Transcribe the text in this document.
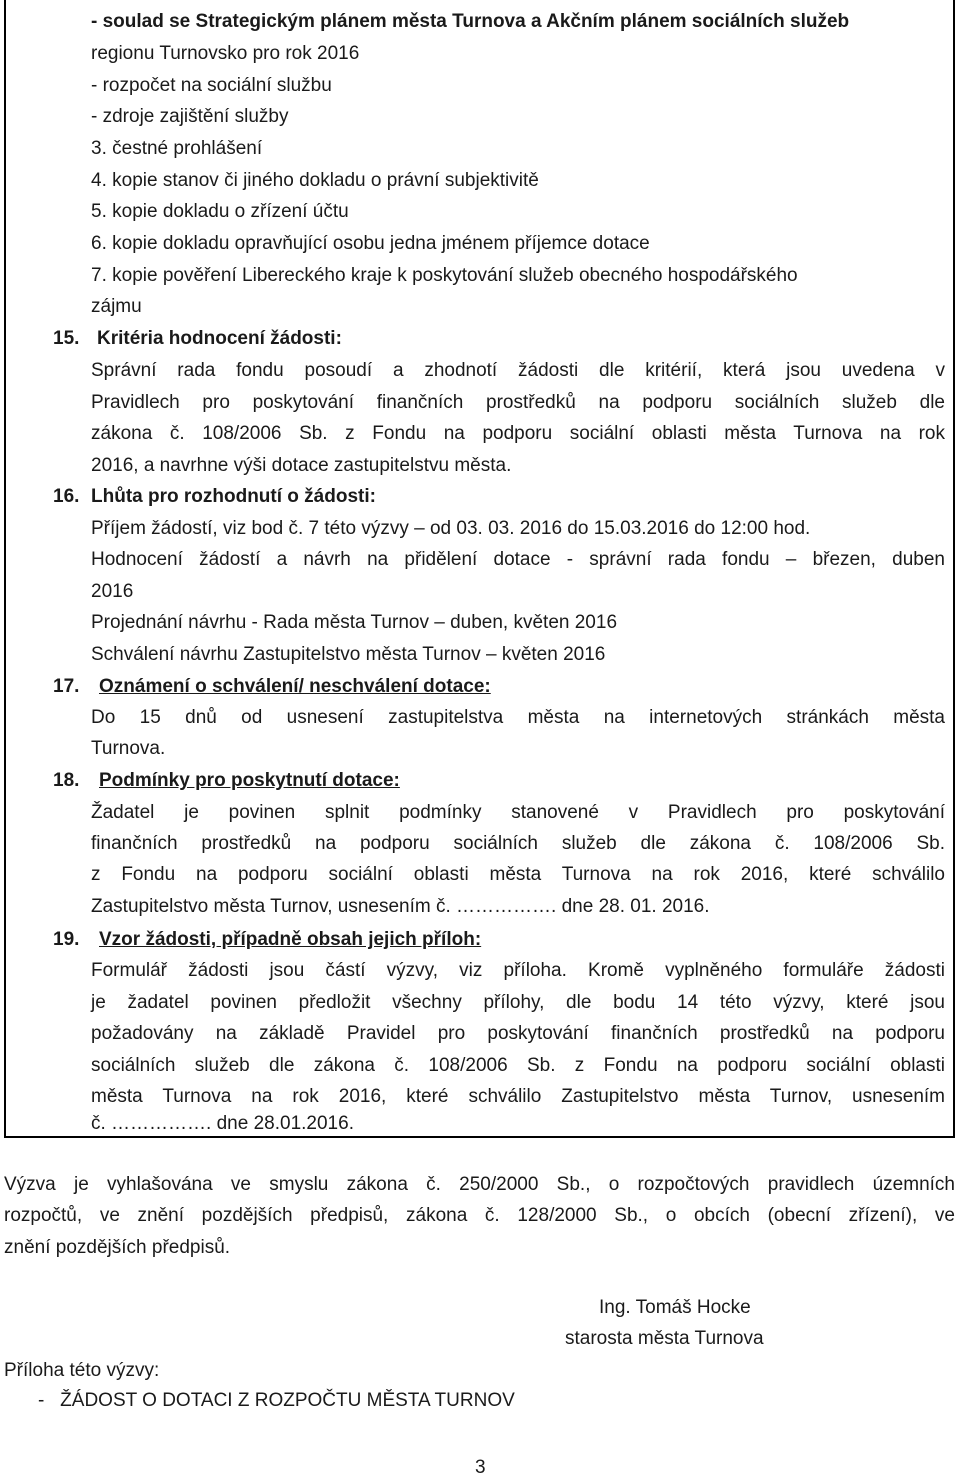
- soulad se Strategickým plánem města Turnova a Akčním plánem sociálních služeb
regionu Turnovsko pro rok 2016
- rozpočet na sociální službu
- zdroje zajištění služby
3. čestné prohlášení
4. kopie stanov či jiného dokladu o právní subjektivitě
5. kopie dokladu o zřízení účtu
6. kopie dokladu opravňující osobu jedna jménem příjemce dotace
7. kopie pověření Libereckého kraje k poskytování služeb obecného hospodářského
zájmu
15. Kritéria hodnocení žádosti:
Správní rada fondu posoudí a zhodnotí žádosti dle kritérií, která jsou uvedena v
Pravidlech pro poskytování finančních prostředků na podporu sociálních služeb dle
zákona č. 108/2006 Sb. z Fondu na podporu sociální oblasti města Turnova na rok
2016, a navrhne výši dotace zastupitelstvu města.
16. Lhůta pro rozhodnutí o žádosti:
Příjem žádostí, viz bod č. 7 této výzvy – od 03. 03. 2016 do 15.03.2016 do 12:00 hod.
Hodnocení žádostí a návrh na přidělení dotace - správní rada fondu – březen, duben
2016
Projednání návrhu - Rada města Turnov – duben, květen 2016
Schválení návrhu Zastupitelstvo města Turnov – květen 2016
17. Oznámení o schválení/ neschválení dotace:
Do 15 dnů od usnesení zastupitelstva města na internetových stránkách města
Turnova.
18. Podmínky pro poskytnutí dotace:
Žadatel je povinen splnit podmínky stanovené v Pravidlech pro poskytování
finančních prostředků na podporu sociálních služeb dle zákona č. 108/2006 Sb.
z Fondu na podporu sociální oblasti města Turnova na rok 2016, které schválilo
Zastupitelstvo města Turnov, usnesením č. ……………. dne 28. 01. 2016.
19. Vzor žádosti, případně obsah jejich příloh:
Formulář žádosti jsou částí výzvy, viz příloha. Kromě vyplněného formuláře žádosti
je žadatel povinen předložit všechny přílohy, dle bodu 14 této výzvy, které jsou
požadovány na základě Pravidel pro poskytování finančních prostředků na podporu
sociálních služeb dle zákona č. 108/2006 Sb. z Fondu na podporu sociální oblasti
města Turnova na rok 2016, které schválilo Zastupitelstvo města Turnov, usnesením
č. ……………. dne 28.01.2016.
Výzva je vyhlašována ve smyslu zákona č. 250/2000 Sb., o rozpočtových pravidlech územních
rozpočtů, ve znění pozdějších předpisů, zákona č. 128/2000 Sb., o obcích (obecní zřízení), ve
znění pozdějších předpisů.
Ing. Tomáš Hocke
starosta města Turnova
Příloha této výzvy:
-   ŽÁDOST O DOTACI Z ROZPOČTU MĚSTA TURNOV
3
